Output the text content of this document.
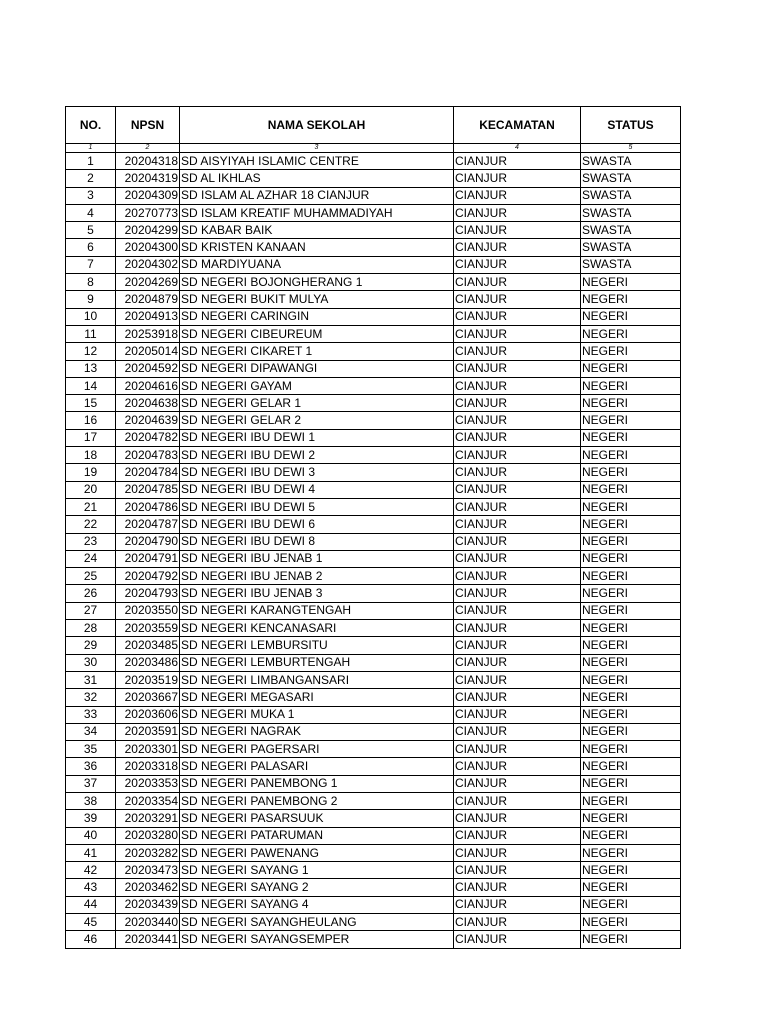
NO.	NPSN	NAMA SEKOLAH	KECAMATAN	STATUS
1	2	3	4	5
1	20204318	SD AISYIYAH ISLAMIC CENTRE	CIANJUR	SWASTA
2	20204319	SD AL IKHLAS	CIANJUR	SWASTA
3	20204309	SD ISLAM AL AZHAR 18 CIANJUR	CIANJUR	SWASTA
4	20270773	SD ISLAM KREATIF MUHAMMADIYAH	CIANJUR	SWASTA
5	20204299	SD KABAR BAIK	CIANJUR	SWASTA
6	20204300	SD KRISTEN KANAAN	CIANJUR	SWASTA
7	20204302	SD MARDIYUANA	CIANJUR	SWASTA
8	20204269	SD NEGERI BOJONGHERANG 1	CIANJUR	NEGERI
9	20204879	SD NEGERI BUKIT MULYA	CIANJUR	NEGERI
10	20204913	SD NEGERI CARINGIN	CIANJUR	NEGERI
11	20253918	SD NEGERI CIBEUREUM	CIANJUR	NEGERI
12	20205014	SD NEGERI CIKARET 1	CIANJUR	NEGERI
13	20204592	SD NEGERI DIPAWANGI	CIANJUR	NEGERI
14	20204616	SD NEGERI GAYAM	CIANJUR	NEGERI
15	20204638	SD NEGERI GELAR 1	CIANJUR	NEGERI
16	20204639	SD NEGERI GELAR 2	CIANJUR	NEGERI
17	20204782	SD NEGERI IBU DEWI 1	CIANJUR	NEGERI
18	20204783	SD NEGERI IBU DEWI 2	CIANJUR	NEGERI
19	20204784	SD NEGERI IBU DEWI 3	CIANJUR	NEGERI
20	20204785	SD NEGERI IBU DEWI 4	CIANJUR	NEGERI
21	20204786	SD NEGERI IBU DEWI 5	CIANJUR	NEGERI
22	20204787	SD NEGERI IBU DEWI 6	CIANJUR	NEGERI
23	20204790	SD NEGERI IBU DEWI 8	CIANJUR	NEGERI
24	20204791	SD NEGERI IBU JENAB 1	CIANJUR	NEGERI
25	20204792	SD NEGERI IBU JENAB 2	CIANJUR	NEGERI
26	20204793	SD NEGERI IBU JENAB 3	CIANJUR	NEGERI
27	20203550	SD NEGERI KARANGTENGAH	CIANJUR	NEGERI
28	20203559	SD NEGERI KENCANASARI	CIANJUR	NEGERI
29	20203485	SD NEGERI LEMBURSITU	CIANJUR	NEGERI
30	20203486	SD NEGERI LEMBURTENGAH	CIANJUR	NEGERI
31	20203519	SD NEGERI LIMBANGANSARI	CIANJUR	NEGERI
32	20203667	SD NEGERI MEGASARI	CIANJUR	NEGERI
33	20203606	SD NEGERI MUKA 1	CIANJUR	NEGERI
34	20203591	SD NEGERI NAGRAK	CIANJUR	NEGERI
35	20203301	SD NEGERI PAGERSARI	CIANJUR	NEGERI
36	20203318	SD NEGERI PALASARI	CIANJUR	NEGERI
37	20203353	SD NEGERI PANEMBONG 1	CIANJUR	NEGERI
38	20203354	SD NEGERI PANEMBONG 2	CIANJUR	NEGERI
39	20203291	SD NEGERI PASARSUUK	CIANJUR	NEGERI
40	20203280	SD NEGERI PATARUMAN	CIANJUR	NEGERI
41	20203282	SD NEGERI PAWENANG	CIANJUR	NEGERI
42	20203473	SD NEGERI SAYANG 1	CIANJUR	NEGERI
43	20203462	SD NEGERI SAYANG 2	CIANJUR	NEGERI
44	20203439	SD NEGERI SAYANG 4	CIANJUR	NEGERI
45	20203440	SD NEGERI SAYANGHEULANG	CIANJUR	NEGERI
46	20203441	SD NEGERI SAYANGSEMPER	CIANJUR	NEGERI
